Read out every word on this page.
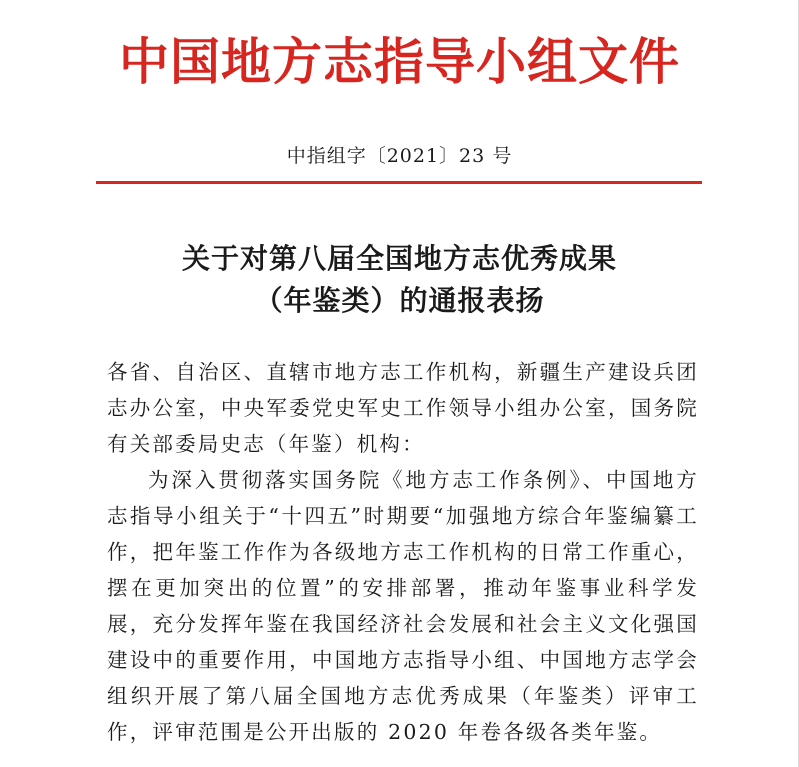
中国地方志指导小组文件
中指组字〔2021〕23 号
关于对第八届全国地方志优秀成果
（年鉴类）的通报表扬

各省、自治区、直辖市地方志工作机构，新疆生产建设兵团志办公室，中央军委党史军史工作领导小组办公室，国务院有关部委局史志（年鉴）机构：

为深入贯彻落实国务院《地方志工作条例》、中国地方志指导小组关于“十四五”时期要“加强地方综合年鉴编纂工作，把年鉴工作作为各级地方志工作机构的日常工作重心，摆在更加突出的位置”的安排部署，推动年鉴事业科学发展，充分发挥年鉴在我国经济社会发展和社会主义文化强国建设中的重要作用，中国地方志指导小组、中国地方志学会组织开展了第八届全国地方志优秀成果（年鉴类）评审工作，评审范围是公开出版的 2020 年卷各级各类年鉴。
